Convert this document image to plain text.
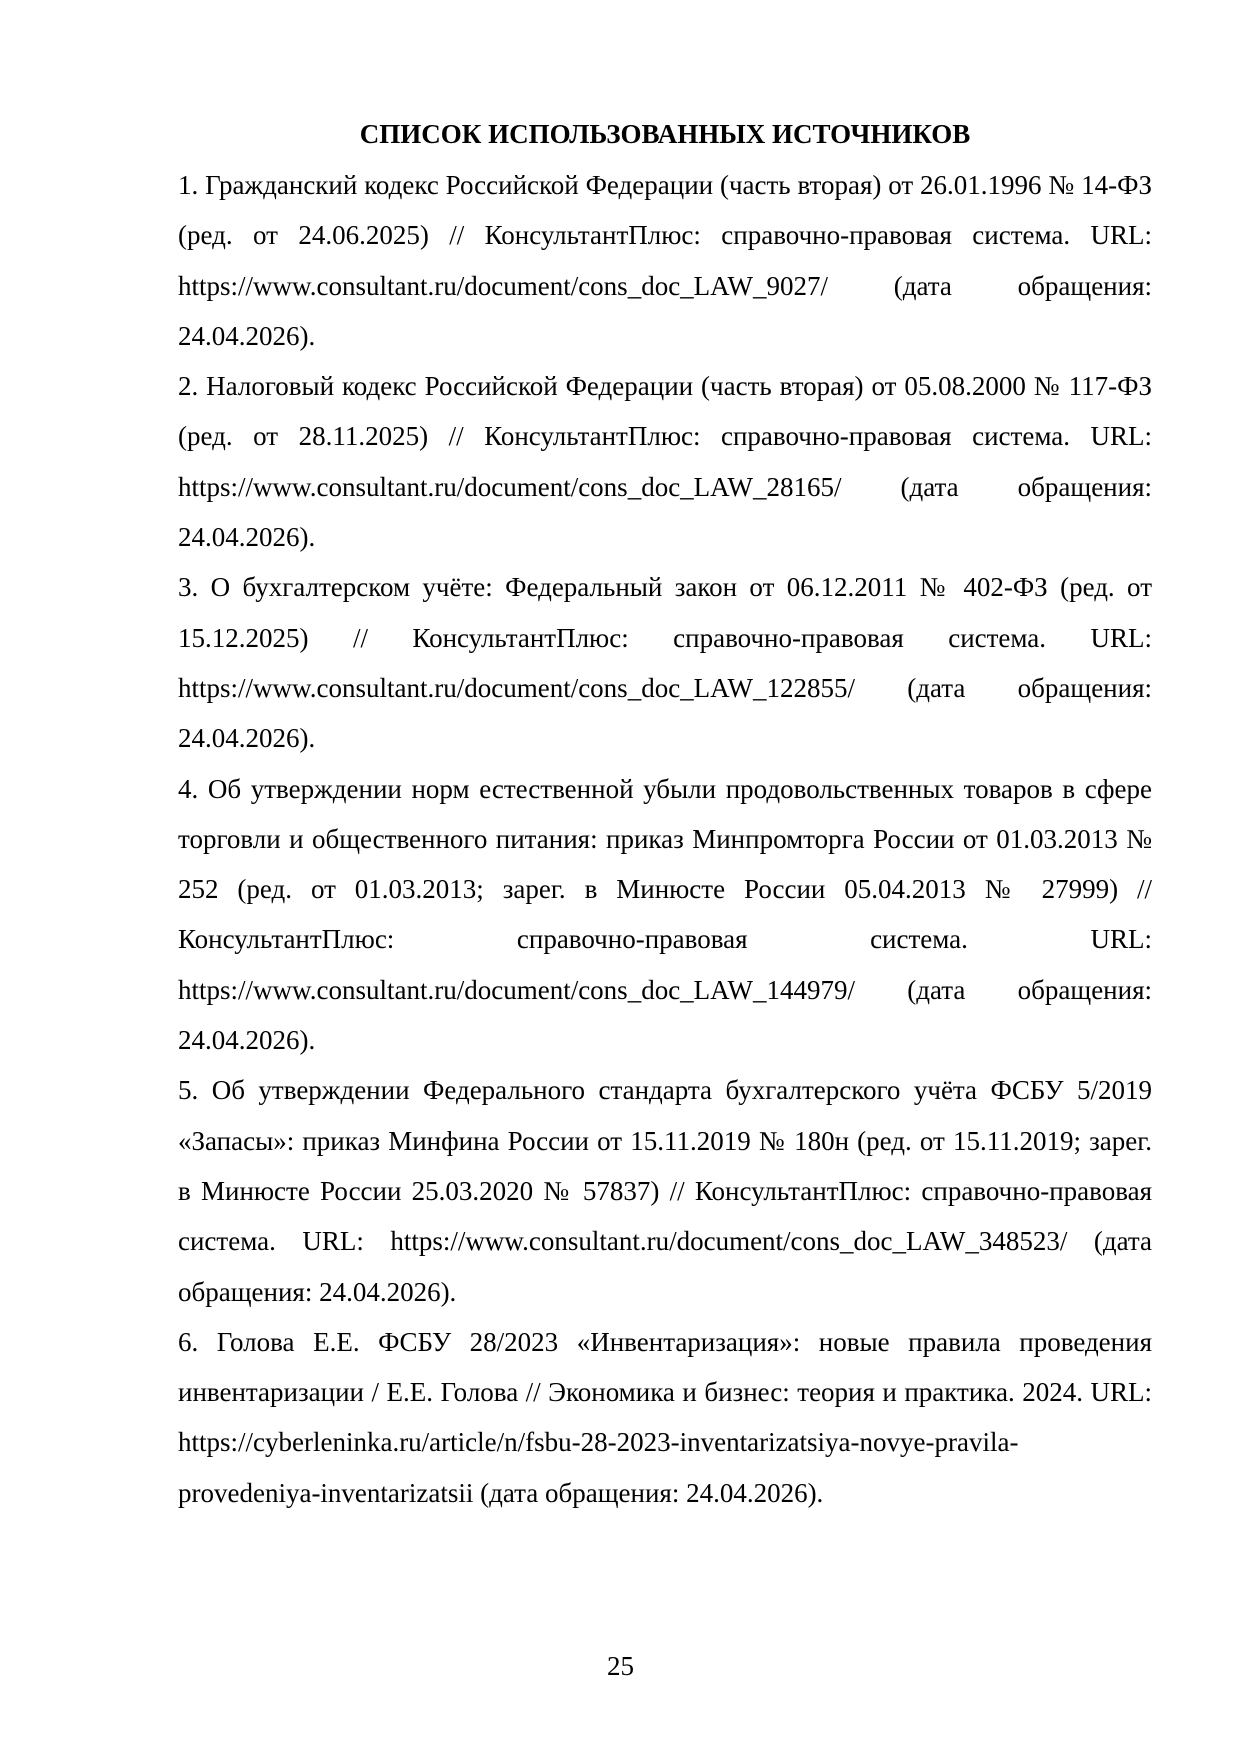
СПИСОК ИСПОЛЬЗОВАННЫХ ИСТОЧНИКОВ
1. Гражданский кодекс Российской Федерации (часть вторая) от 26.01.1996 № 14-ФЗ (ред. от 24.06.2025) // КонсультантПлюс: справочно-правовая система. URL: https://www.consultant.ru/document/cons_doc_LAW_9027/ (дата обращения: 24.04.2026).
2. Налоговый кодекс Российской Федерации (часть вторая) от 05.08.2000 № 117-ФЗ (ред. от 28.11.2025) // КонсультантПлюс: справочно-правовая система. URL: https://www.consultant.ru/document/cons_doc_LAW_28165/ (дата обращения: 24.04.2026).
3. О бухгалтерском учёте: Федеральный закон от 06.12.2011 № 402-ФЗ (ред. от 15.12.2025) // КонсультантПлюс: справочно-правовая система. URL: https://www.consultant.ru/document/cons_doc_LAW_122855/ (дата обращения: 24.04.2026).
4. Об утверждении норм естественной убыли продовольственных товаров в сфере торговли и общественного питания: приказ Минпромторга России от 01.03.2013 № 252 (ред. от 01.03.2013; зарег. в Минюсте России 05.04.2013 № 27999) // КонсультантПлюс: справочно-правовая система. URL: https://www.consultant.ru/document/cons_doc_LAW_144979/ (дата обращения: 24.04.2026).
5. Об утверждении Федерального стандарта бухгалтерского учёта ФСБУ 5/2019 «Запасы»: приказ Минфина России от 15.11.2019 № 180н (ред. от 15.11.2019; зарег. в Минюсте России 25.03.2020 № 57837) // КонсультантПлюс: справочно-правовая система. URL: https://www.consultant.ru/document/cons_doc_LAW_348523/ (дата обращения: 24.04.2026).
6. Голова Е.Е. ФСБУ 28/2023 «Инвентаризация»: новые правила проведения инвентаризации / Е.Е. Голова // Экономика и бизнес: теория и практика. 2024. URL: https://cyberleninka.ru/article/n/fsbu-28-2023-inventarizatsiya-novye-pravila-provedeniya-inventarizatsii (дата обращения: 24.04.2026).
25
